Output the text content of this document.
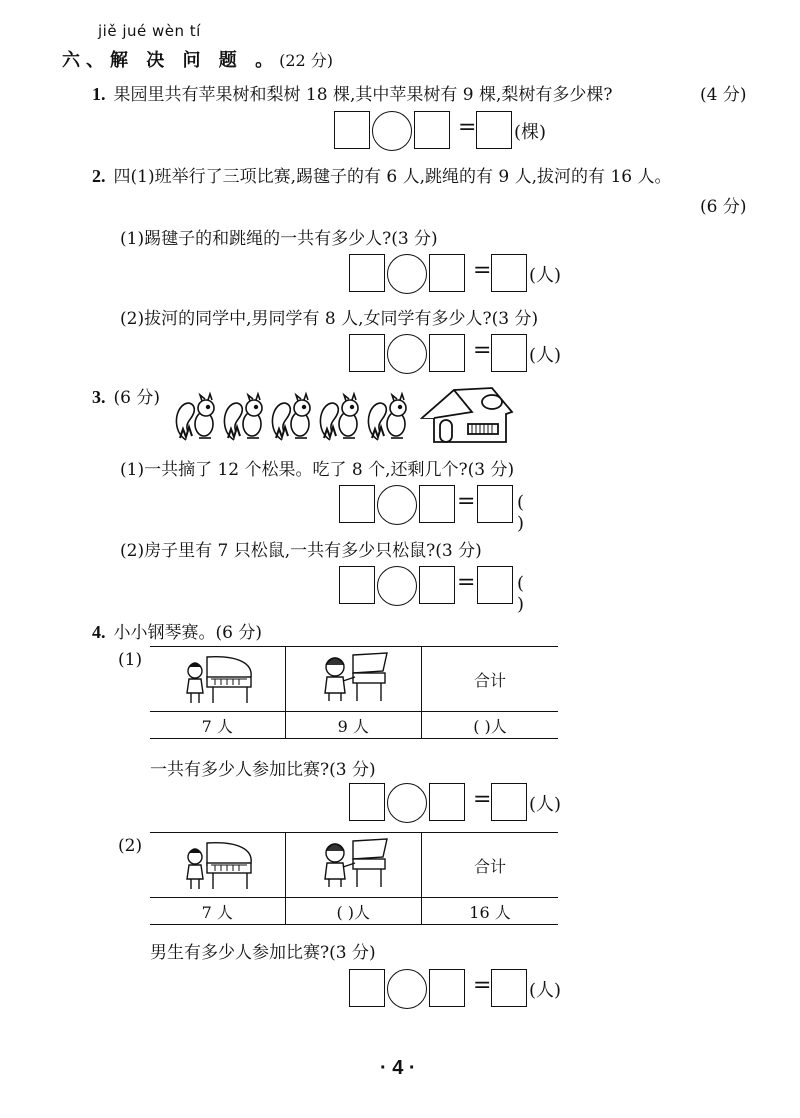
jiě jué wèn tí
六、解 决 问 题 。(22 分)
1. 果园里共有苹果树和梨树 18 棵,其中苹果树有 9 棵,梨树有多少棵?	(4 分)
= (棵)
2. 四(1)班举行了三项比赛,踢毽子的有 6 人,跳绳的有 9 人,拔河的有 16 人。
(6 分)
(1)踢毽子的和跳绳的一共有多少人?(3 分)
= (人)
(2)拔河的同学中,男同学有 8 人,女同学有多少人?(3 分)
= (人)
3. (6 分)
(1)一共摘了 12 个松果。吃了 8 个,还剩几个?(3 分)
= ( )
(2)房子里有 7 只松鼠,一共有多少只松鼠?(3 分)
= ( )
4. 小小钢琴赛。(6 分)
(1)
		合计
7 人	9 人	( )人
一共有多少人参加比赛?(3 分)
= (人)
(2)
		合计
7 人	( )人	16 人
男生有多少人参加比赛?(3 分)
= (人)
· 4 ·
